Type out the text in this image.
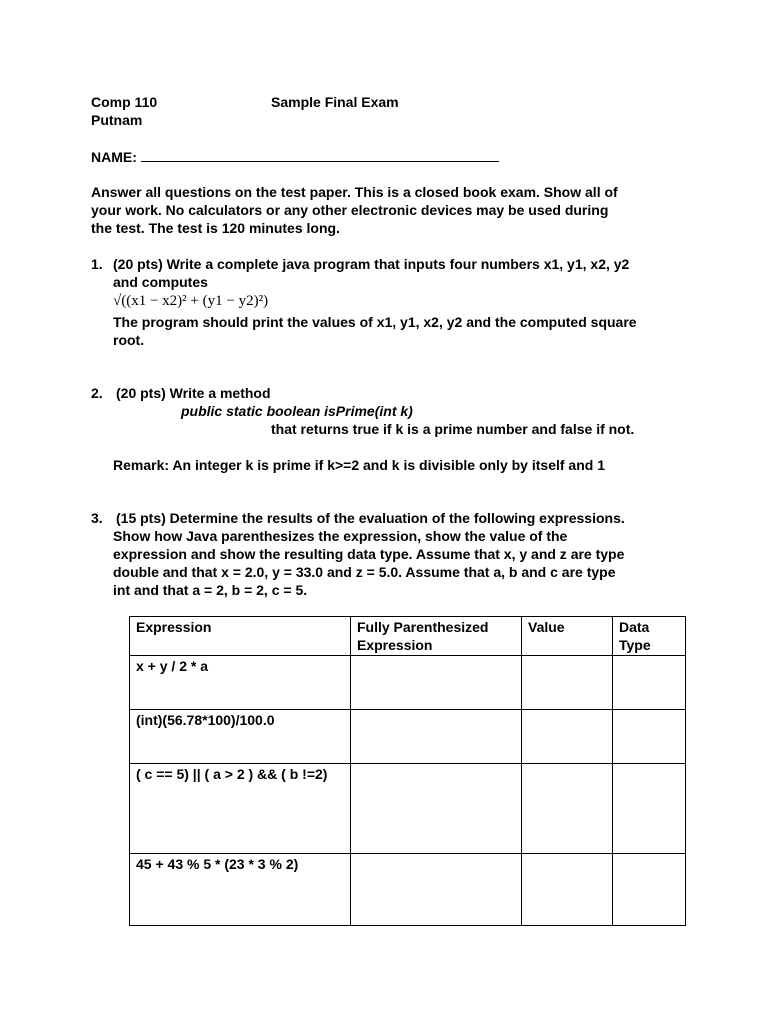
Comp 110	Sample Final Exam
Putnam
NAME:
Answer all questions on the test paper. This is a closed book exam. Show all of
your work. No calculators or any other electronic devices may be used during
the test. The test is 120 minutes long.
1. (20 pts) Write a complete java program that inputs four numbers x1, y1, x2, y2
and computes
√((x1 − x2)² + (y1 − y2)²)
The program should print the values of x1, y1, x2, y2 and the computed square
root.
2. (20 pts) Write a method
public static boolean isPrime(int k)
that returns true if k is a prime number and false if not.
Remark: An integer k is prime if k>=2 and k is divisible only by itself and 1
3. (15 pts) Determine the results of the evaluation of the following expressions.
Show how Java parenthesizes the expression, show the value of the
expression and show the resulting data type. Assume that x, y and z are type
double and that x = 2.0, y = 33.0 and z = 5.0. Assume that a, b and c are type
int and that a = 2, b = 2, c = 5.
Expression	Fully Parenthesized Expression	Value	Data Type
x + y / 2 * a			
(int)(56.78*100)/100.0			
( c == 5) || ( a > 2 ) && ( b !=2)			
45 + 43 % 5 * (23 * 3 % 2)			
